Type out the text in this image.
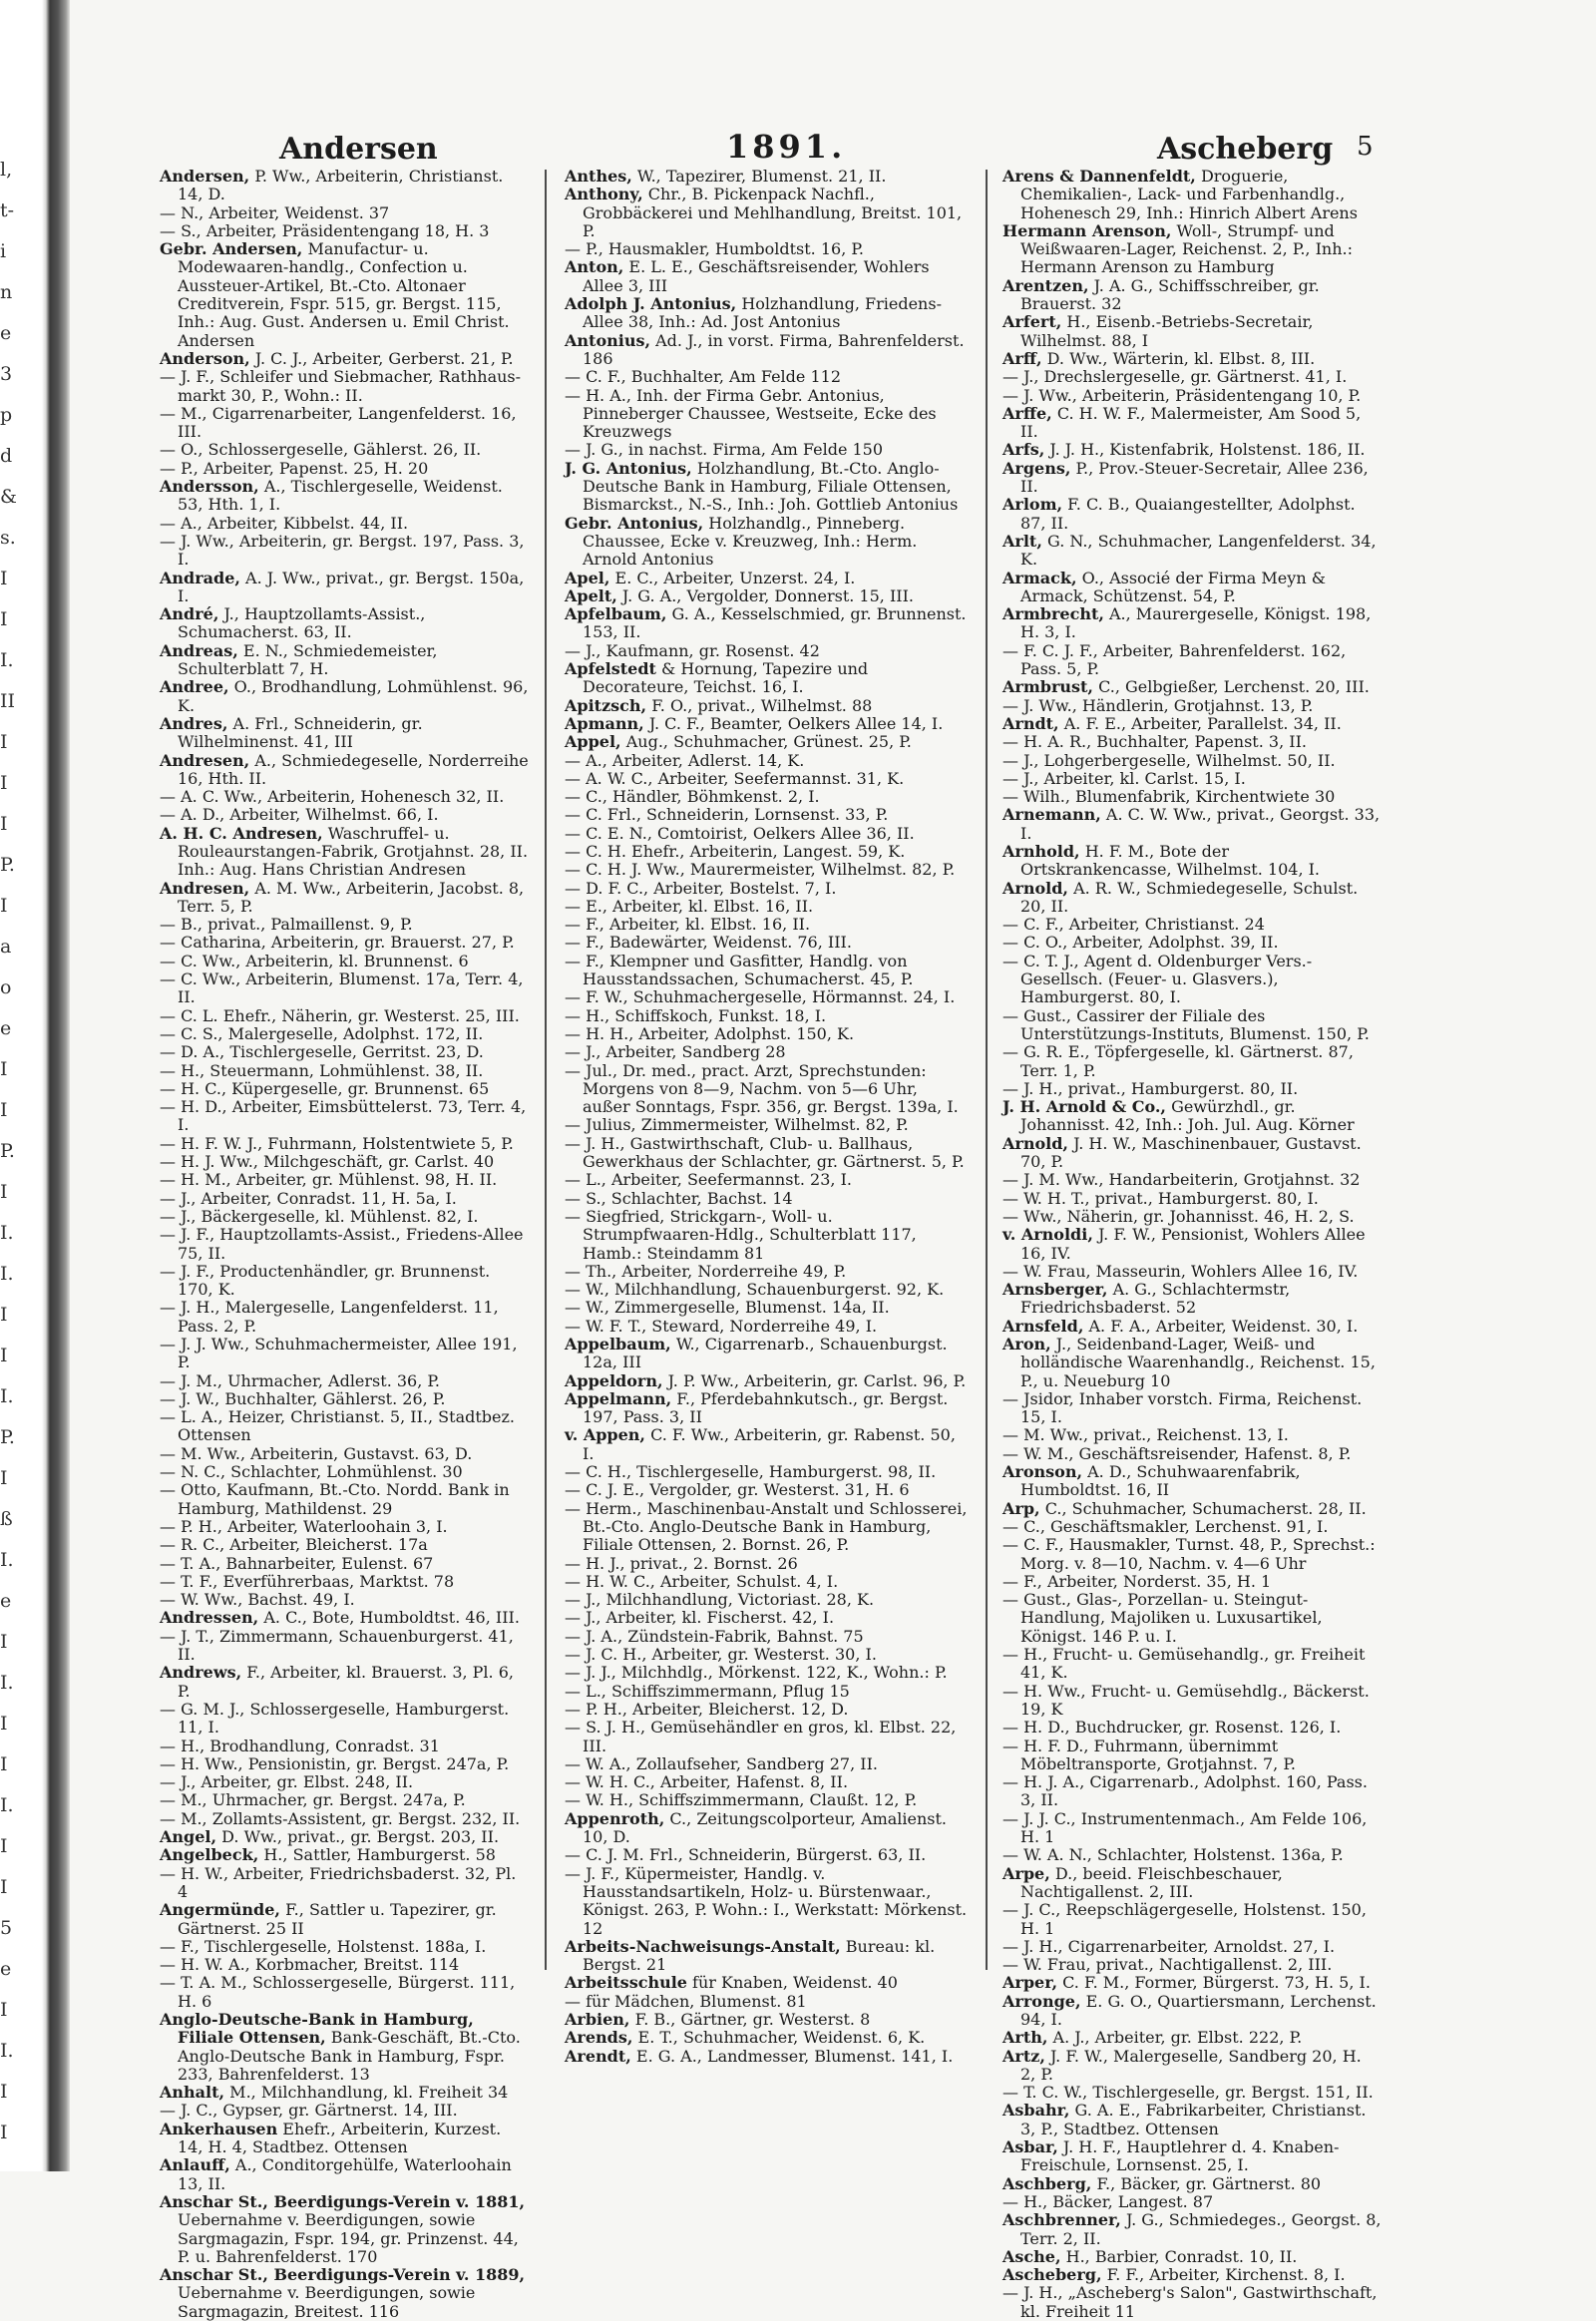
l,
t-
i
n
e
3
p
d
&
s.
I
I
I.
II
I
I
I
P.
I
a
o
e
I
I
P.
I
I.
I.
I
I
I.
P.
I
ß
I.
e
I
I.
I
I
I.
I
I
5
e
I
I.
I
I
Andersen	1891.	Ascheberg 5
Andersen, P. Ww., Arbeiterin, Christianst. 14, D.
— N., Arbeiter, Weidenst. 37
— S., Arbeiter, Präsidentengang 18, H. 3
Gebr. Andersen, Manufactur- u. Modewaaren-handlg., Confection u. Aussteuer-Artikel, Bt.-Cto. Altonaer Creditverein, Fspr. 515, gr. Bergst. 115, Inh.: Aug. Gust. Andersen u. Emil Christ. Andersen
Anderson, J. C. J., Arbeiter, Gerberst. 21, P.
— J. F., Schleifer und Siebmacher, Rathhaus-markt 30, P., Wohn.: II.
— M., Cigarrenarbeiter, Langenfelderst. 16, III.
— O., Schlossergeselle, Gählerst. 26, II.
— P., Arbeiter, Papenst. 25, H. 20
Andersson, A., Tischlergeselle, Weidenst. 53, Hth. 1, I.
— A., Arbeiter, Kibbelst. 44, II.
— J. Ww., Arbeiterin, gr. Bergst. 197, Pass. 3, I.
Andrade, A. J. Ww., privat., gr. Bergst. 150a, I.
André, J., Hauptzollamts-Assist., Schumacherst. 63, II.
Andreas, E. N., Schmiedemeister, Schulterblatt 7, H.
Andree, O., Brodhandlung, Lohmühlenst. 96, K.
Andres, A. Frl., Schneiderin, gr. Wilhelminenst. 41, III
Andresen, A., Schmiedegeselle, Norderreihe 16, Hth. II.
— A. C. Ww., Arbeiterin, Hohenesch 32, II.
— A. D., Arbeiter, Wilhelmst. 66, I.
A. H. C. Andresen, Waschruffel- u. Rouleaurstangen-Fabrik, Grotjahnst. 28, II. Inh.: Aug. Hans Christian Andresen
Andresen, A. M. Ww., Arbeiterin, Jacobst. 8, Terr. 5, P.
— B., privat., Palmaillenst. 9, P.
— Catharina, Arbeiterin, gr. Brauerst. 27, P.
— C. Ww., Arbeiterin, kl. Brunnenst. 6
— C. Ww., Arbeiterin, Blumenst. 17a, Terr. 4, II.
— C. L. Ehefr., Näherin, gr. Westerst. 25, III.
— C. S., Malergeselle, Adolphst. 172, II.
— D. A., Tischlergeselle, Gerritst. 23, D.
— H., Steuermann, Lohmühlenst. 38, II.
— H. C., Küpergeselle, gr. Brunnenst. 65
— H. D., Arbeiter, Eimsbüttelerst. 73, Terr. 4, I.
— H. F. W. J., Fuhrmann, Holstentwiete 5, P.
— H. J. Ww., Milchgeschäft, gr. Carlst. 40
— H. M., Arbeiter, gr. Mühlenst. 98, H. II.
— J., Arbeiter, Conradst. 11, H. 5a, I.
— J., Bäckergeselle, kl. Mühlenst. 82, I.
— J. F., Hauptzollamts-Assist., Friedens-Allee 75, II.
— J. F., Productenhändler, gr. Brunnenst. 170, K.
— J. H., Malergeselle, Langenfelderst. 11, Pass. 2, P.
— J. J. Ww., Schuhmachermeister, Allee 191, P.
— J. M., Uhrmacher, Adlerst. 36, P.
— J. W., Buchhalter, Gählerst. 26, P.
— L. A., Heizer, Christianst. 5, II., Stadtbez. Ottensen
— M. Ww., Arbeiterin, Gustavst. 63, D.
— N. C., Schlachter, Lohmühlenst. 30
— Otto, Kaufmann, Bt.-Cto. Nordd. Bank in Hamburg, Mathildenst. 29
— P. H., Arbeiter, Waterloohain 3, I.
— R. C., Arbeiter, Bleicherst. 17a
— T. A., Bahnarbeiter, Eulenst. 67
— T. F., Everführerbaas, Marktst. 78
— W. Ww., Bachst. 49, I.
Andressen, A. C., Bote, Humboldtst. 46, III.
— J. T., Zimmermann, Schauenburgerst. 41, II.
Andrews, F., Arbeiter, kl. Brauerst. 3, Pl. 6, P.
— G. M. J., Schlossergeselle, Hamburgerst. 11, I.
— H., Brodhandlung, Conradst. 31
— H. Ww., Pensionistin, gr. Bergst. 247a, P.
— J., Arbeiter, gr. Elbst. 248, II.
— M., Uhrmacher, gr. Bergst. 247a, P.
— M., Zollamts-Assistent, gr. Bergst. 232, II.
Angel, D. Ww., privat., gr. Bergst. 203, II.
Angelbeck, H., Sattler, Hamburgerst. 58
— H. W., Arbeiter, Friedrichsbaderst. 32, Pl. 4
Angermünde, F., Sattler u. Tapezirer, gr. Gärtnerst. 25 II
— F., Tischlergeselle, Holstenst. 188a, I.
— H. W. A., Korbmacher, Breitst. 114
— T. A. M., Schlossergeselle, Bürgerst. 111, H. 6
Anglo-Deutsche-Bank in Hamburg, Filiale Ottensen, Bank-Geschäft, Bt.-Cto. Anglo-Deutsche Bank in Hamburg, Fspr. 233, Bahrenfelderst. 13
Anhalt, M., Milchhandlung, kl. Freiheit 34
— J. C., Gypser, gr. Gärtnerst. 14, III.
Ankerhausen Ehefr., Arbeiterin, Kurzest. 14, H. 4, Stadtbez. Ottensen
Anlauff, A., Conditorgehülfe, Waterloohain 13, II.
Anschar St., Beerdigungs-Verein v. 1881, Uebernahme v. Beerdigungen, sowie Sargmagazin, Fspr. 194, gr. Prinzenst. 44, P. u. Bahrenfelderst. 170
Anschar St., Beerdigungs-Verein v. 1889, Uebernahme v. Beerdigungen, sowie Sargmagazin, Breitest. 116
Anthes, W., Tapezirer, Blumenst. 21, II.
Anthony, Chr., B. Pickenpack Nachfl., Grobbäckerei und Mehlhandlung, Breitst. 101, P.
— P., Hausmakler, Humboldtst. 16, P.
Anton, E. L. E., Geschäftsreisender, Wohlers Allee 3, III
Adolph J. Antonius, Holzhandlung, Friedens-Allee 38, Inh.: Ad. Jost Antonius
Antonius, Ad. J., in vorst. Firma, Bahrenfelderst. 186
— C. F., Buchhalter, Am Felde 112
— H. A., Inh. der Firma Gebr. Antonius, Pinneberger Chaussee, Westseite, Ecke des Kreuzwegs
— J. G., in nachst. Firma, Am Felde 150
J. G. Antonius, Holzhandlung, Bt.-Cto. Anglo-Deutsche Bank in Hamburg, Filiale Ottensen, Bismarckst., N.-S., Inh.: Joh. Gottlieb Antonius
Gebr. Antonius, Holzhandlg., Pinneberg. Chaussee, Ecke v. Kreuzweg, Inh.: Herm. Arnold Antonius
Apel, E. C., Arbeiter, Unzerst. 24, I.
Apelt, J. G. A., Vergolder, Donnerst. 15, III.
Apfelbaum, G. A., Kesselschmied, gr. Brunnenst. 153, II.
— J., Kaufmann, gr. Rosenst. 42
Apfelstedt & Hornung, Tapezire und Decorateure, Teichst. 16, I.
Apitzsch, F. O., privat., Wilhelmst. 88
Apmann, J. C. F., Beamter, Oelkers Allee 14, I.
Appel, Aug., Schuhmacher, Grünest. 25, P.
— A., Arbeiter, Adlerst. 14, K.
— A. W. C., Arbeiter, Seefermannst. 31, K.
— C., Händler, Böhmkenst. 2, I.
— C. Frl., Schneiderin, Lornsenst. 33, P.
— C. E. N., Comtoirist, Oelkers Allee 36, II.
— C. H. Ehefr., Arbeiterin, Langest. 59, K.
— C. H. J. Ww., Maurermeister, Wilhelmst. 82, P.
— D. F. C., Arbeiter, Bostelst. 7, I.
— E., Arbeiter, kl. Elbst. 16, II.
— F., Arbeiter, kl. Elbst. 16, II.
— F., Badewärter, Weidenst. 76, III.
— F., Klempner und Gasfitter, Handlg. von Hausstandssachen, Schumacherst. 45, P.
— F. W., Schuhmachergeselle, Hörmannst. 24, I.
— H., Schiffskoch, Funkst. 18, I.
— H. H., Arbeiter, Adolphst. 150, K.
— J., Arbeiter, Sandberg 28
— Jul., Dr. med., pract. Arzt, Sprechstunden: Morgens von 8—9, Nachm. von 5—6 Uhr, außer Sonntags, Fspr. 356, gr. Bergst. 139a, I.
— Julius, Zimmermeister, Wilhelmst. 82, P.
— J. H., Gastwirthschaft, Club- u. Ballhaus, Gewerkhaus der Schlachter, gr. Gärtnerst. 5, P.
— L., Arbeiter, Seefermannst. 23, I.
— S., Schlachter, Bachst. 14
— Siegfried, Strickgarn-, Woll- u. Strumpfwaaren-Hdlg., Schulterblatt 117, Hamb.: Steindamm 81
— Th., Arbeiter, Norderreihe 49, P.
— W., Milchhandlung, Schauenburgerst. 92, K.
— W., Zimmergeselle, Blumenst. 14a, II.
— W. F. T., Steward, Norderreihe 49, I.
Appelbaum, W., Cigarrenarb., Schauenburgst. 12a, III
Appeldorn, J. P. Ww., Arbeiterin, gr. Carlst. 96, P.
Appelmann, F., Pferdebahnkutsch., gr. Bergst. 197, Pass. 3, II
v. Appen, C. F. Ww., Arbeiterin, gr. Rabenst. 50, I.
— C. H., Tischlergeselle, Hamburgerst. 98, II.
— C. J. E., Vergolder, gr. Westerst. 31, H. 6
— Herm., Maschinenbau-Anstalt und Schlosserei, Bt.-Cto. Anglo-Deutsche Bank in Hamburg, Filiale Ottensen, 2. Bornst. 26, P.
— H. J., privat., 2. Bornst. 26
— H. W. C., Arbeiter, Schulst. 4, I.
— J., Milchhandlung, Victoriast. 28, K.
— J., Arbeiter, kl. Fischerst. 42, I.
— J. A., Zündstein-Fabrik, Bahnst. 75
— J. C. H., Arbeiter, gr. Westerst. 30, I.
— J. J., Milchhdlg., Mörkenst. 122, K., Wohn.: P.
— L., Schiffszimmermann, Pflug 15
— P. H., Arbeiter, Bleicherst. 12, D.
— S. J. H., Gemüsehändler en gros, kl. Elbst. 22, III.
— W. A., Zollaufseher, Sandberg 27, II.
— W. H. C., Arbeiter, Hafenst. 8, II.
— W. H., Schiffszimmermann, Claußt. 12, P.
Appenroth, C., Zeitungscolporteur, Amalienst. 10, D.
— C. J. M. Frl., Schneiderin, Bürgerst. 63, II.
— J. F., Küpermeister, Handlg. v. Hausstandsartikeln, Holz- u. Bürstenwaar., Königst. 263, P. Wohn.: I., Werkstatt: Mörkenst. 12
Arbeits-Nachweisungs-Anstalt, Bureau: kl. Bergst. 21
Arbeitsschule für Knaben, Weidenst. 40
— für Mädchen, Blumenst. 81
Arbien, F. B., Gärtner, gr. Westerst. 8
Arends, E. T., Schuhmacher, Weidenst. 6, K.
Arendt, E. G. A., Landmesser, Blumenst. 141, I.
Arens & Dannenfeldt, Droguerie, Chemikalien-, Lack- und Farbenhandlg., Hohenesch 29, Inh.: Hinrich Albert Arens
Hermann Arenson, Woll-, Strumpf- und Weißwaaren-Lager, Reichenst. 2, P., Inh.: Hermann Arenson zu Hamburg
Arentzen, J. A. G., Schiffsschreiber, gr. Brauerst. 32
Arfert, H., Eisenb.-Betriebs-Secretair, Wilhelmst. 88, I
Arff, D. Ww., Wärterin, kl. Elbst. 8, III.
— J., Drechslergeselle, gr. Gärtnerst. 41, I.
— J. Ww., Arbeiterin, Präsidentengang 10, P.
Arffe, C. H. W. F., Malermeister, Am Sood 5, II.
Arfs, J. J. H., Kistenfabrik, Holstenst. 186, II.
Argens, P., Prov.-Steuer-Secretair, Allee 236, II.
Arlom, F. C. B., Quaiangestellter, Adolphst. 87, II.
Arlt, G. N., Schuhmacher, Langenfelderst. 34, K.
Armack, O., Associé der Firma Meyn & Armack, Schützenst. 54, P.
Armbrecht, A., Maurergeselle, Königst. 198, H. 3, I.
— F. C. J. F., Arbeiter, Bahrenfelderst. 162, Pass. 5, P.
Armbrust, C., Gelbgießer, Lerchenst. 20, III.
— J. Ww., Händlerin, Grotjahnst. 13, P.
Arndt, A. F. E., Arbeiter, Parallelst. 34, II.
— H. A. R., Buchhalter, Papenst. 3, II.
— J., Lohgerbergeselle, Wilhelmst. 50, II.
— J., Arbeiter, kl. Carlst. 15, I.
— Wilh., Blumenfabrik, Kirchentwiete 30
Arnemann, A. C. W. Ww., privat., Georgst. 33, I.
Arnhold, H. F. M., Bote der Ortskrankencasse, Wilhelmst. 104, I.
Arnold, A. R. W., Schmiedegeselle, Schulst. 20, II.
— C. F., Arbeiter, Christianst. 24
— C. O., Arbeiter, Adolphst. 39, II.
— C. T. J., Agent d. Oldenburger Vers.-Gesellsch. (Feuer- u. Glasvers.), Hamburgerst. 80, I.
— Gust., Cassirer der Filiale des Unterstützungs-Instituts, Blumenst. 150, P.
— G. R. E., Töpfergeselle, kl. Gärtnerst. 87, Terr. 1, P.
— J. H., privat., Hamburgerst. 80, II.
J. H. Arnold & Co., Gewürzhdl., gr. Johannisst. 42, Inh.: Joh. Jul. Aug. Körner
Arnold, J. H. W., Maschinenbauer, Gustavst. 70, P.
— J. M. Ww., Handarbeiterin, Grotjahnst. 32
— W. H. T., privat., Hamburgerst. 80, I.
— Ww., Näherin, gr. Johannisst. 46, H. 2, S.
v. Arnoldi, J. F. W., Pensionist, Wohlers Allee 16, IV.
— W. Frau, Masseurin, Wohlers Allee 16, IV.
Arnsberger, A. G., Schlachtermstr, Friedrichsbaderst. 52
Arnsfeld, A. F. A., Arbeiter, Weidenst. 30, I.
Aron, J., Seidenband-Lager, Weiß- und holländische Waarenhandlg., Reichenst. 15, P., u. Neueburg 10
— Jsidor, Inhaber vorstch. Firma, Reichenst. 15, I.
— M. Ww., privat., Reichenst. 13, I.
— W. M., Geschäftsreisender, Hafenst. 8, P.
Aronson, A. D., Schuhwaarenfabrik, Humboldtst. 16, II
Arp, C., Schuhmacher, Schumacherst. 28, II.
— C., Geschäftsmakler, Lerchenst. 91, I.
— C. F., Hausmakler, Turnst. 48, P., Sprechst.: Morg. v. 8—10, Nachm. v. 4—6 Uhr
— F., Arbeiter, Norderst. 35, H. 1
— Gust., Glas-, Porzellan- u. Steingut-Handlung, Majoliken u. Luxusartikel, Königst. 146 P. u. I.
— H., Frucht- u. Gemüsehandlg., gr. Freiheit 41, K.
— H. Ww., Frucht- u. Gemüsehdlg., Bäckerst. 19, K
— H. D., Buchdrucker, gr. Rosenst. 126, I.
— H. F. D., Fuhrmann, übernimmt Möbeltransporte, Grotjahnst. 7, P.
— H. J. A., Cigarrenarb., Adolphst. 160, Pass. 3, II.
— J. J. C., Instrumentenmach., Am Felde 106, H. 1
— W. A. N., Schlachter, Holstenst. 136a, P.
Arpe, D., beeid. Fleischbeschauer, Nachtigallenst. 2, III.
— J. C., Reepschlägergeselle, Holstenst. 150, H. 1
— J. H., Cigarrenarbeiter, Arnoldst. 27, I.
— W. Frau, privat., Nachtigallenst. 2, III.
Arper, C. F. M., Former, Bürgerst. 73, H. 5, I.
Arronge, E. G. O., Quartiersmann, Lerchenst. 94, I.
Arth, A. J., Arbeiter, gr. Elbst. 222, P.
Artz, J. F. W., Malergeselle, Sandberg 20, H. 2, P.
— T. C. W., Tischlergeselle, gr. Bergst. 151, II.
Asbahr, G. A. E., Fabrikarbeiter, Christianst. 3, P., Stadtbez. Ottensen
Asbar, J. H. F., Hauptlehrer d. 4. Knaben-Freischule, Lornsenst. 25, I.
Aschberg, F., Bäcker, gr. Gärtnerst. 80
— H., Bäcker, Langest. 87
Aschbrenner, J. G., Schmiedeges., Georgst. 8, Terr. 2, II.
Asche, H., Barbier, Conradst. 10, II.
Ascheberg, F. F., Arbeiter, Kirchenst. 8, I.
— J. H., „Ascheberg's Salon", Gastwirthschaft, kl. Freiheit 11
